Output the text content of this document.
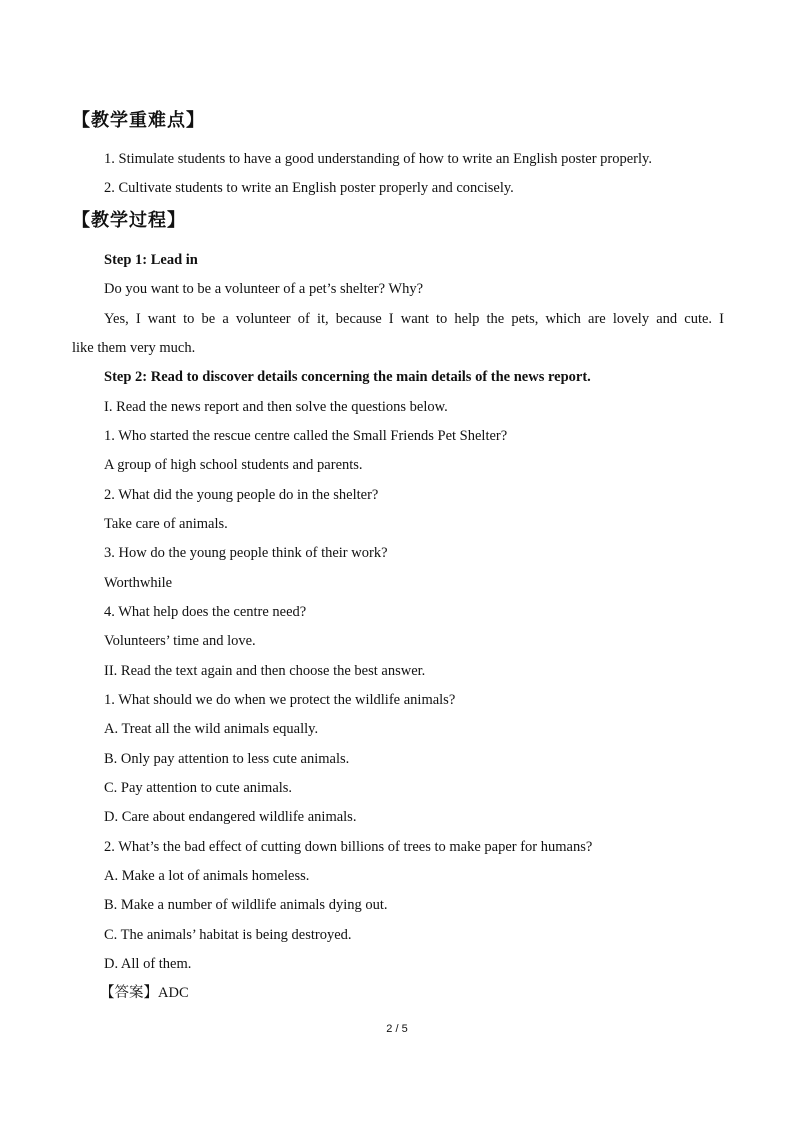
【教学重难点】
1. Stimulate students to have a good understanding of how to write an English poster properly.
2. Cultivate students to write an English poster properly and concisely.
【教学过程】
Step 1: Lead in
Do you want to be a volunteer of a pet’s shelter? Why?
Yes, I want to be a volunteer of it, because I want to help the pets, which are lovely and cute. I
like them very much.
Step 2: Read to discover details concerning the main details of the news report.
I. Read the news report and then solve the questions below.
1. Who started the rescue centre called the Small Friends Pet Shelter?
A group of high school students and parents.
2. What did the young people do in the shelter?
Take care of animals.
3. How do the young people think of their work?
Worthwhile
4. What help does the centre need?
Volunteers’ time and love.
II. Read the text again and then choose the best answer.
1. What should we do when we protect the wildlife animals?
A. Treat all the wild animals equally.
B. Only pay attention to less cute animals.
C. Pay attention to cute animals.
D. Care about endangered wildlife animals.
2. What’s the bad effect of cutting down billions of trees to make paper for humans?
A. Make a lot of animals homeless.
B. Make a number of wildlife animals dying out.
C. The animals’ habitat is being destroyed.
D. All of them.
【答案】ADC
2 / 5
